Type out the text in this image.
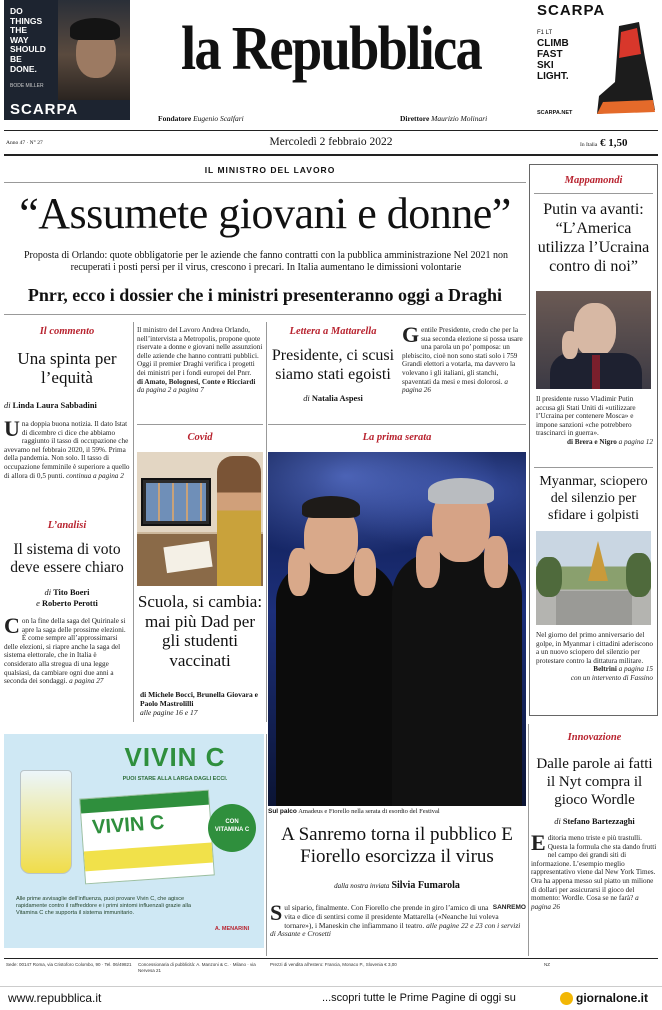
DO
THINGS
THE
WAY
SHOULD
BE
DONE.
BODE MILLER
SCARPA
la Repubblica
Fondatore Eugenio Scalfari	Direttore Maurizio Molinari
SCARPA
F1 LT
CLIMB
FAST
SKI
LIGHT.
SCARPA.NET
Anno 47 · N° 27	Mercoledì 2 febbraio 2022	In Italia € 1,50
IL MINISTRO DEL LAVORO
“Assumete giovani e donne”
Proposta di Orlando: quote obbligatorie per le aziende che fanno contratti con la pubblica amministrazione Nel 2021 non recuperati i posti persi per il virus, crescono i precari. In Italia aumentano le dimissioni volontarie
Pnrr, ecco i dossier che i ministri presenteranno oggi a Draghi
Il commento
Una spinta per l’equità
di Linda Laura Sabbadini
U na doppia buona notizia. Il dato Istat di dicembre ci dice che abbiamo raggiunto il tasso di occupazione che avevamo nel febbraio 2020, il 59%. Prima della pandemia. Non solo. Il tasso di occupazione femminile è superiore a quello di allora di 0,5 punti. continua a pagina 2
L’analisi
Il sistema di voto deve essere chiaro
di Tito Boeri
e Roberto Perotti
C on la fine della saga del Quirinale si apre la saga delle prossime elezioni. È come sempre all’approssimarsi delle elezioni, si riapre anche la saga del sistema elettorale, che in Italia è considerato alla stregua di una legge qualsiasi, da cambiare ogni due anni a seconda dei sondaggi. a pagina 27
Il ministro del Lavoro Andrea Orlando, nell’intervista a Metropolis, propone quote riservate a donne e giovani nelle assunzioni delle aziende che hanno contratti pubblici. Oggi il premier Draghi verifica i progetti dei ministri per i fondi europei del Pnrr.
di Amato, Bolognesi, Conte e Ricciardi da pagina 2 a pagina 7
Covid
Scuola, si cambia: mai più Dad per gli studenti vaccinati
di Michele Bocci, Brunella Giovara e Paolo Mastrolilli
alle pagine 16 e 17
Lettera a Mattarella
Presidente, ci scusi siamo stati egoisti
di Natalia Aspesi
G entile Presidente, credo che per la sua seconda elezione si possa usare una parola un po’ pomposa: un plebiscito, cioè non sono stati solo i 759 Grandi elettori a votarla, ma davvero la volevano i gli italiani, gli stanchi, spaventati da mesi e mesi dolorosi. a pagina 26
La prima serata
Sul palco Amadeus e Fiorello nella serata di esordio del Festival
A Sanremo torna il pubblico E Fiorello esorcizza il virus
dalla nostra inviata Silvia Fumarola
S	SANREMO
ul sipario, finalmente. Con Fiorello che prende in giro l’amico di una vita e dice di sentirsi come il presidente Mattarella («Neanche lui voleva tornare»), i Maneskin che infiammano il teatro. alle pagine 22 e 23 con i servizi di Assante e Crosetti
Mappamondi
Putin va avanti: “L’America utilizza l’Ucraina contro di noi”
Il presidente russo Vladimir Putin accusa gli Stati Uniti di «utilizzare l’Ucraina per contenere Mosca» e impone sanzioni «che potrebbero trascinarci in guerra».
di Brera e Nigro a pagina 12
Myanmar, sciopero del silenzio per sfidare i golpisti
Nel giorno del primo anniversario del golpe, in Myanmar i cittadini aderiscono a un nuovo sciopero del silenzio per protestare contro la dittatura militare.
Beltrini a pagina 15
con un intervento di Fassino
Innovazione
Dalle parole ai fatti il Nyt compra il gioco Wordle
di Stefano Bartezzaghi
E ditoria meno triste e più trastulli. Questa la formula che sta dando frutti nel campo dei grandi siti di informazione. L’esempio meglio rappresentativo viene dal New York Times. Ora ha appena messo sul piatto un milione di dollari per assicurarsi il gioco del momento: Wordle. Cosa se ne farà? a pagina 26
VIVIN C
PUOI STARE ALLA LARGA DAGLI ECCI.
VIVIN C	CON
VITAMINA C
Alle prime avvisaglie dell’influenza, puoi provare Vivin C, che agisce rapidamente contro il raffreddore e i primi sintomi influenzali grazie alla Vitamina C che supporta il sistema immunitario.
A. MENARINI
Sede: 00147 Roma, via Cristoforo Colombo, 90 · Tel. 06/49821 Concessionaria di pubblicità: A. Manzoni & C. · Milano · via Nervesa 21
Prezzi di vendita all’estero: Francia, Monaco P., Slovenia € 3,00	NZ
www.repubblica.it	...scopri tutte le Prime Pagine di oggi su	giornalone.it
